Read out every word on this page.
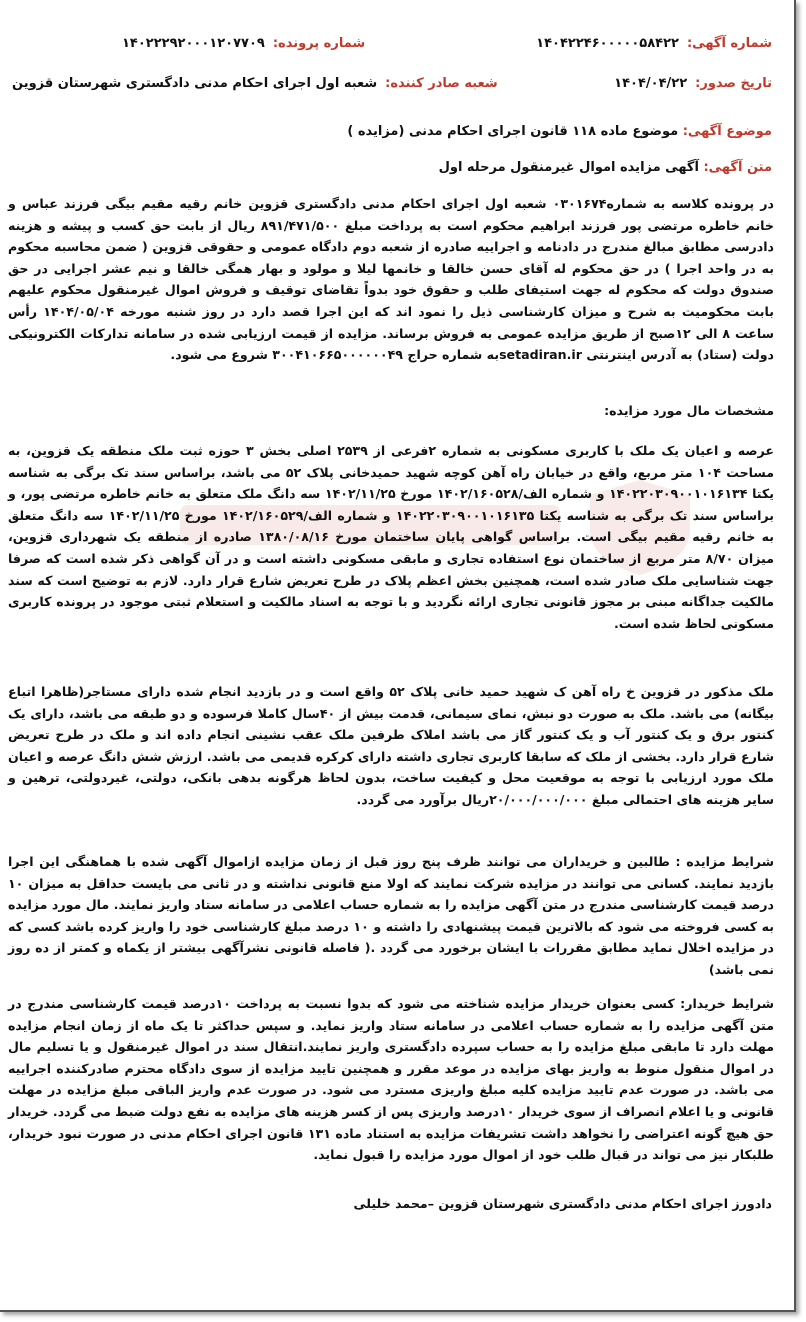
شماره آگهی:
۱۴۰۴۲۲۴۶۰۰۰۰۰۵۸۴۲۲
شماره پرونده:
۱۴۰۲۲۲۹۲۰۰۰۱۲۰۷۷۰۹
تاریخ صدور:
۱۴۰۴/۰۴/۲۲
شعبه صادر کننده:
شعبه اول اجرای احکام مدنی دادگستری شهرستان قزوین
موضوع آگهی: موضوع ماده ۱۱۸ قانون اجرای احکام مدنی (مزایده )
متن آگهی: آگهی مزایده اموال غیرمنقول مرحله اول

در پرونده کلاسه به شماره۰۳۰۱۶۷۴ شعبه اول اجرای احکام مدنی دادگستری قزوین خانم رقیه مقیم بیگی فرزند عباس و خانم خاطره مرتضی پور فرزند ابراهیم محکوم است به پرداخت مبلغ ۸۹۱/۴۷۱/۵۰۰ ریال از بابت حق کسب و پیشه و هزینه دادرسی مطابق مبالغ مندرج در دادنامه و اجراییه صادره از شعبه دوم دادگاه عمومی و حقوقی قزوین ( ضمن محاسبه محکوم به در واحد اجرا ) در حق محکوم له آقای حسن خالقا و خانمها لیلا و مولود و بهار همگی خالقا و نیم عشر اجرایی در حق صندوق دولت که محکوم له جهت استیفای طلب و حقوق خود بدواً تقاضای توقیف و فروش اموال غیرمنقول محکوم علیهم بابت محکومیت به شرح و میزان کارشناسی ذیل را نمود اند که این اجرا قصد دارد در روز شنبه مورخه ۱۴۰۴/۰۵/۰۴ رأس ساعت ۸ الی ۱۲صبح از طریق مزایده عمومی به فروش برساند. مزایده از قیمت ارزیابی شده در سامانه تدارکات الکترونیکی دولت (ستاد) به آدرس اینترنتی setadiran.irبه شماره حراج ۳۰۰۴۱۰۶۶۵۰۰۰۰۰۰۴۹ شروع می شود.

مشخصات مال مورد مزایده:

عرصه و اعیان یک ملک با کاربری مسکونی به شماره ۲فرعی از ۲۵۳۹ اصلی بخش ۳ حوزه ثبت ملک منطقه یک قزوین، به مساحت ۱۰۴ متر مربع، واقع در خیابان راه آهن کوچه شهید حمیدخانی پلاک ۵۲ می باشد، براساس سند تک برگی به شناسه یکتا ۱۴۰۲۲۰۳۰۹۰۰۱۰۱۶۱۳۴ و شماره الف/۱۴۰۲/۱۶۰۵۲۸ مورخ ۱۴۰۲/۱۱/۲۵ سه دانگ ملک متعلق به خانم خاطره مرتضی پور، و براساس سند تک برگی به شناسه یکتا ۱۴۰۲۲۰۳۰۹۰۰۱۰۱۶۱۳۵ و شماره الف/۱۴۰۲/۱۶۰۵۲۹ مورخ ۱۴۰۲/۱۱/۲۵ سه دانگ متعلق به خانم رقیه مقیم بیگی است. براساس گواهی پایان ساختمان مورخ ۱۳۸۰/۰۸/۱۶ صادره از منطقه یک شهرداری قزوین، میزان ۸/۷۰ متر مربع از ساختمان نوع استفاده تجاری و مابقی مسکونی داشته است و در آن گواهی ذکر شده است که صرفا جهت شناسایی ملک صادر شده است، همچنین بخش اعظم پلاک در طرح تعریض شارع قرار دارد. لازم به توضیح است که سند مالکیت جداگانه مبنی بر مجوز قانونی تجاری ارائه نگردید و با توجه به اسناد مالکیت و استعلام ثبتی موجود در پرونده کاربری مسکونی لحاظ شده است.

ملک مذکور در قزوین خ راه آهن ک شهید حمید خانی پلاک ۵۲ واقع است و در بازدید انجام شده دارای مستاجر(ظاهرا اتباع بیگانه) می باشد. ملک به صورت دو نبش، نمای سیمانی، قدمت بیش از ۴۰سال کاملا فرسوده و دو طبقه می باشد، دارای یک کنتور برق و یک کنتور آب و یک کنتور گاز می باشد املاک طرفین ملک عقب نشینی انجام داده اند و ملک در طرح تعریض شارع قرار دارد. بخشی از ملک که سابقا کاربری تجاری داشته دارای کرکره قدیمی می باشد. ارزش شش دانگ عرصه و اعیان ملک مورد ارزیابی با توجه به موقعیت محل و کیفیت ساخت، بدون لحاظ هرگونه بدهی بانکی، دولتی، غیردولتی، ترهین و سایر هزینه های احتمالی مبلغ ۲۰/۰۰۰/۰۰۰/۰۰۰ریال برآورد می گردد.

شرایط مزایده : طالبین و خریداران می توانند ظرف پنج روز قبل از زمان مزایده ازاموال آگهی شده با هماهنگی این اجرا بازدید نمایند. کسانی می توانند در مزایده شرکت نمایند که اولا منع قانونی نداشته و در ثانی می بایست حداقل به میزان ۱۰ درصد قیمت کارشناسی مندرج در متن آگهی مزایده را به شماره حساب اعلامی در سامانه ستاد واریز نمایند. مال مورد مزایده به کسی فروخته می شود که بالاترین قیمت پیشنهادی را داشته و ۱۰ درصد مبلغ کارشناسی خود را واریز کرده باشد کسی که در مزایده اخلال نماید مطابق مقررات با ایشان برخورد می گردد .( فاصله قانونی نشرآگهی بیشتر از یکماه و کمتر از ده روز نمی باشد)

شرایط خریدار: کسی بعنوان خریدار مزایده شناخته می شود که بدوا نسبت به پرداخت ۱۰درصد قیمت کارشناسی مندرج در متن آگهی مزایده را به شماره حساب اعلامی در سامانه ستاد واریز نماید. و سپس حداکثر تا یک ماه از زمان انجام مزایده مهلت دارد تا مابقی مبلغ مزایده را به حساب سپرده دادگستری واریز نمایند.انتقال سند در اموال غیرمنقول و یا تسلیم مال در اموال منقول منوط به واریز بهای مزایده در موعد مقرر و همچنین تایید مزایده از سوی دادگاه محترم صادرکننده اجراییه می باشد. در صورت عدم تایید مزایده کلیه مبلغ واریزی مسترد می شود. در صورت عدم واریز الباقی مبلغ مزایده در مهلت قانونی و یا اعلام انصراف از سوی خریدار ۱۰درصد واریزی پس از کسر هزینه های مزایده به نفع دولت ضبط می گردد. خریدار حق هیچ گونه اعتراضی را نخواهد داشت تشریفات مزایده به استناد ماده ۱۳۱ قانون اجرای احکام مدنی در صورت نبود خریدار، طلبکار نیز می تواند در قبال طلب خود از اموال مورد مزایده را قبول نماید.

دادورز اجرای احکام مدنی دادگستری شهرستان قزوین –محمد خلیلی
